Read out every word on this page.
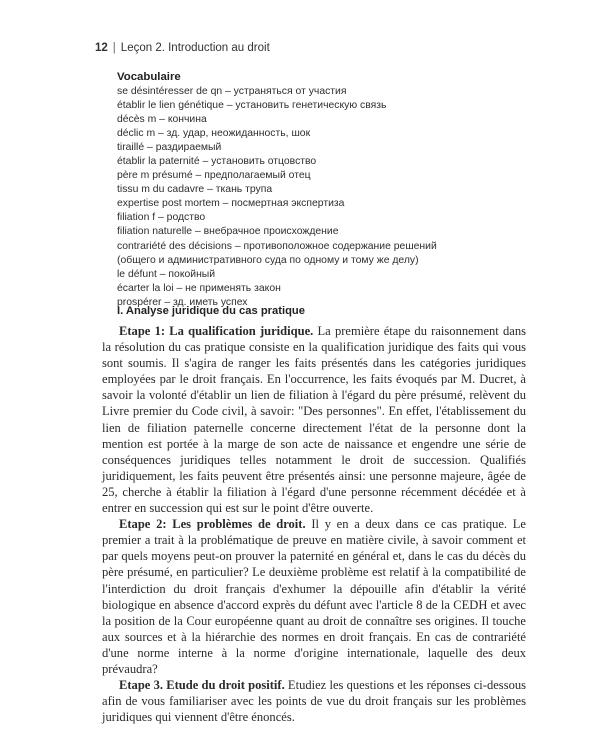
12 | Leçon 2. Introduction au droit
Vocabulaire
se désintéresser de qn – устраняться от участия
établir le lien génétique – установить генетическую связь
décès m – кончина
déclic m – зд. удар, неожиданность, шок
tiraillé – раздираемый
établir la paternité – установить отцовство
père m présumé – предполагаемый отец
tissu m du cadavre – ткань трупа
expertise post mortem – посмертная экспертиза
filiation f – родство
filiation naturelle – внебрачное происхождение
contrariété des décisions – противоположное содержание решений
(общего и административного суда по одному и тому же делу)
le défunt – покойный
écarter la loi – не применять закон
prospérer – зд. иметь успех
I. Analyse juridique du cas pratique

Etape 1: La qualification juridique. La première étape du raisonnement dans la résolution du cas pratique consiste en la qualification juridique des faits qui vous sont soumis. Il s'agira de ranger les faits présentés dans les catégories juridiques employées par le droit français. En l'occurrence, les faits évoqués par M. Ducret, à savoir la volonté d'établir un lien de filiation à l'égard du père présumé, relèvent du Livre premier du Code civil, à savoir: "Des personnes". En effet, l'établissement du lien de filiation paternelle concerne directement l'état de la personne dont la mention est portée à la marge de son acte de naissance et engendre une série de conséquences juridiques telles notamment le droit de succession. Qualifiés juridiquement, les faits peuvent être présentés ainsi: une personne majeure, âgée de 25, cherche à établir la filiation à l'égard d'une personne récemment décédée et à entrer en succession qui est sur le point d'être ouverte.

Etape 2: Les problèmes de droit. Il y en a deux dans ce cas pratique. Le premier a trait à la problématique de preuve en matière civile, à savoir comment et par quels moyens peut-on prouver la paternité en général et, dans le cas du décès du père présumé, en particulier? Le deuxième problème est relatif à la compatibilité de l'interdiction du droit français d'exhumer la dépouille afin d'établir la vérité biologique en absence d'accord exprès du défunt avec l'article 8 de la CEDH et avec la position de la Cour européenne quant au droit de connaître ses origines. Il touche aux sources et à la hiérarchie des normes en droit français. En cas de contrariété d'une norme interne à la norme d'origine internationale, laquelle des deux prévaudra?

Etape 3. Etude du droit positif. Etudiez les questions et les réponses ci-dessous afin de vous familiariser avec les points de vue du droit français sur les problèmes juridiques qui viennent d'être énoncés.
